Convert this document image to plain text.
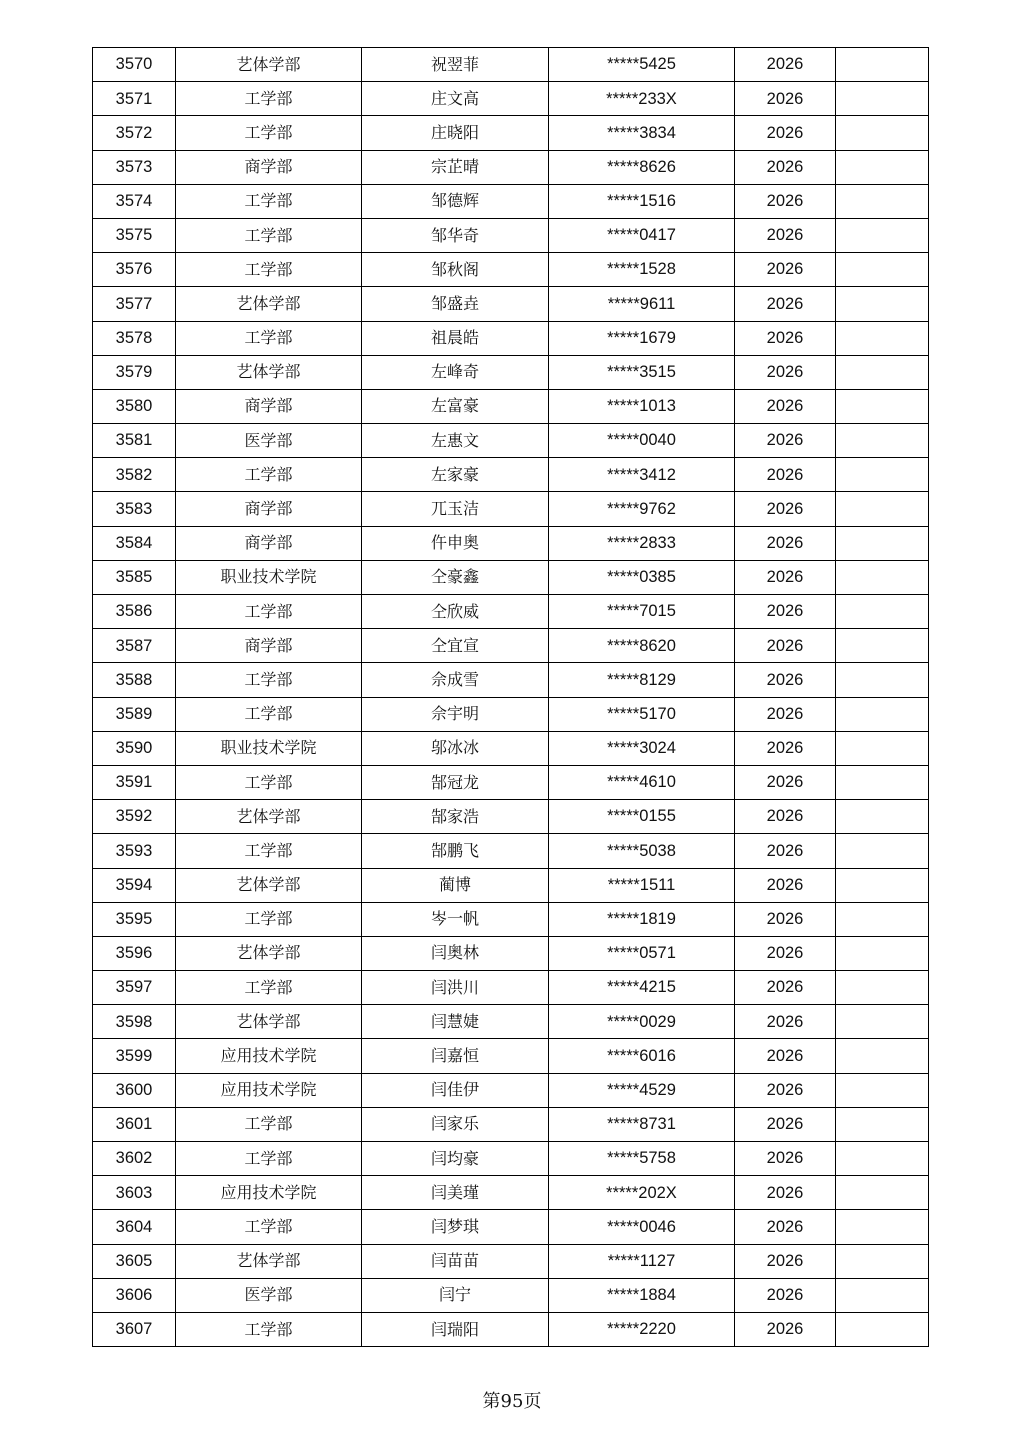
3570	艺体学部	祝翌菲	*****5425	2026	
3571	工学部	庄文高	*****233X	2026	
3572	工学部	庄晓阳	*****3834	2026	
3573	商学部	宗芷晴	*****8626	2026	
3574	工学部	邹德辉	*****1516	2026	
3575	工学部	邹华奇	*****0417	2026	
3576	工学部	邹秋阁	*****1528	2026	
3577	艺体学部	邹盛垚	*****9611	2026	
3578	工学部	祖晨皓	*****1679	2026	
3579	艺体学部	左峰奇	*****3515	2026	
3580	商学部	左富豪	*****1013	2026	
3581	医学部	左惠文	*****0040	2026	
3582	工学部	左家豪	*****3412	2026	
3583	商学部	兀玉洁	*****9762	2026	
3584	商学部	仵申奥	*****2833	2026	
3585	职业技术学院	仝豪鑫	*****0385	2026	
3586	工学部	仝欣威	*****7015	2026	
3587	商学部	仝宜宣	*****8620	2026	
3588	工学部	佘成雪	*****8129	2026	
3589	工学部	佘宇明	*****5170	2026	
3590	职业技术学院	邬冰冰	*****3024	2026	
3591	工学部	郜冠龙	*****4610	2026	
3592	艺体学部	郜家浩	*****0155	2026	
3593	工学部	郜鹏飞	*****5038	2026	
3594	艺体学部	蔺博	*****1511	2026	
3595	工学部	岑一帆	*****1819	2026	
3596	艺体学部	闫奥林	*****0571	2026	
3597	工学部	闫洪川	*****4215	2026	
3598	艺体学部	闫慧婕	*****0029	2026	
3599	应用技术学院	闫嘉恒	*****6016	2026	
3600	应用技术学院	闫佳伊	*****4529	2026	
3601	工学部	闫家乐	*****8731	2026	
3602	工学部	闫均豪	*****5758	2026	
3603	应用技术学院	闫美瑾	*****202X	2026	
3604	工学部	闫梦琪	*****0046	2026	
3605	艺体学部	闫苗苗	*****1127	2026	
3606	医学部	闫宁	*****1884	2026	
3607	工学部	闫瑞阳	*****2220	2026	
第95页
